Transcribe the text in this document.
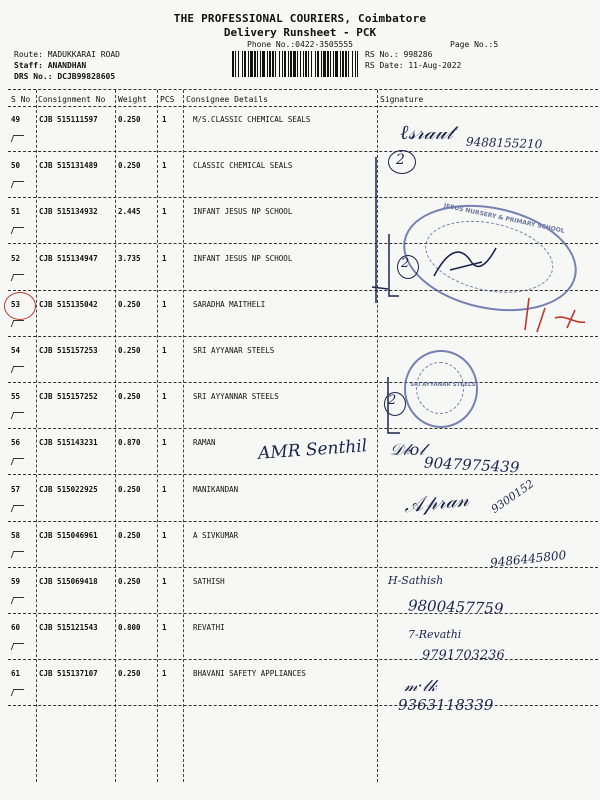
THE PROFESSIONAL COURIERS, Coimbatore
Delivery Runsheet - PCK
Phone No.:0422-3505555	Page No.:5
Route: MADUKKARAI ROAD
Staff: ANANDHAN
DRS No.: DCJB99828605
RS No.: 998286
RS Date: 11-Aug-2022
S No Consignment No Weight PCS Consignee Details	Signature
49	CJB 515111597	0.250	1	M/S.CLASSIC CHEMICAL SEALS
50	CJB 515131489	0.250	1	CLASSIC CHEMICAL SEALS
51	CJB 515134932	2.445	1	INFANT JESUS NP SCHOOL
52	CJB 515134947	3.735	1	INFANT JESUS NP SCHOOL
53	CJB 515135042	0.250	1	SARADHA MAITHELI
54	CJB 515157253	0.250	1	SRI AYYANAR STEELS
55	CJB 515157252	0.250	1	SRI AYYANNAR STEELS
56	CJB 515143231	0.870	1	RAMAN
57	CJB 515022925	0.250	1	MANIKANDAN
58	CJB 515046961	0.250	1	A SIVKUMAR
59	CJB 515069418	0.250	1	SATHISH
60	CJB 515121543	0.800	1	REVATHI
61	CJB 515137107	0.250	1	BHAVANI SAFETY APPLIANCES
JESUS NURSERY & PRIMARY SCHOOL
SRI AYYANAR STEELS
2
ℓ𝓈𝓇𝒶𝓊𝓉 9488155210
2
2
AMR Senthil 𝒟𝒷𝑜𝓁
9047975439
𝒜𝓅𝓇𝒶𝓃 9300152
9486445800
H-Sathish
9800457759
7-Revathi
9791703236
𝓂·𝓁𝓀
9363118339
